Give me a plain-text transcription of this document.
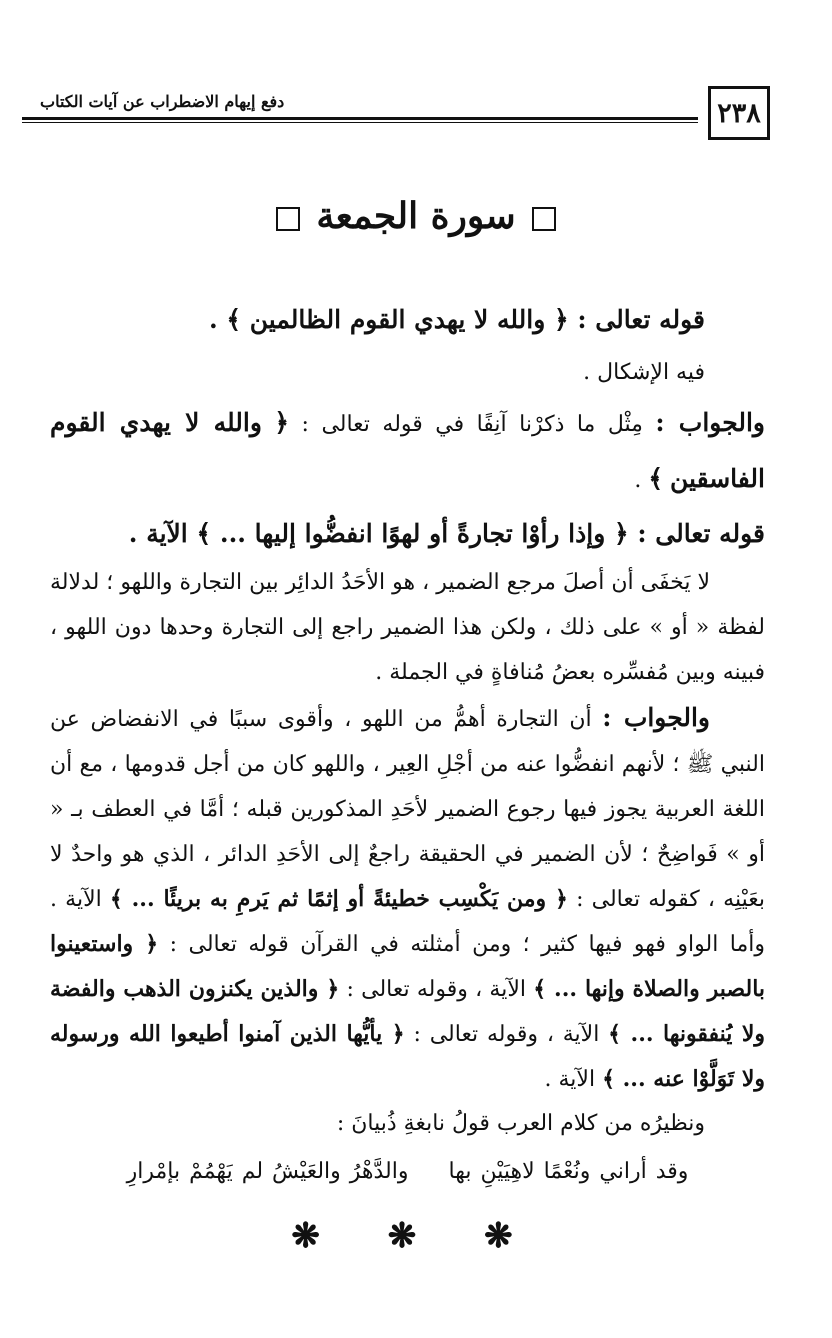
٢٣٨
دفع إيهام الاضطراب عن آيات الكتاب
سورة الجمعة

قوله تعالى : ﴿ والله لا يهدي القوم الظالمين ﴾ .

فيه الإشكال .

والجواب : مِثْل ما ذكرْنا آنِفًا في قوله تعالى : ﴿ والله لا يهدي القوم الفاسقين ﴾ .

قوله تعالى : ﴿ وإذا رأوْا تجارةً أو لهوًا انفضُّوا إليها ... ﴾ الآية .

لا يَخفَى أن أصلَ مرجع الضمير ، هو الأحَدُ الدائِر بين التجارة واللهو ؛ لدلالة لفظة « أو » على ذلك ، ولكن هذا الضمير راجع إلى التجارة وحدها دون اللهو ، فبينه وبين مُفسِّره بعضُ مُنافاةٍ في الجملة .

والجواب : أن التجارة أهمُّ من اللهو ، وأقوى سببًا في الانفضاض عن النبي ﷺ ؛ لأنهم انفضُّوا عنه من أجْلِ العِير ، واللهو كان من أجل قدومها ، مع أن اللغة العربية يجوز فيها رجوع الضمير لأحَدِ المذكورين قبله ؛ أمَّا في العطف بـ « أو » فَواضِحٌ ؛ لأن الضمير في الحقيقة راجعٌ إلى الأحَدِ الدائر ، الذي هو واحدٌ لا بعَيْنِه ، كقوله تعالى : ﴿ ومن يَكْسِب خطيئةً أو إثمًا ثم يَرمِ به بريئًا ... ﴾ الآية . وأما الواو فهو فيها كثير ؛ ومن أمثلته في القرآن قوله تعالى : ﴿ واستعينوا بالصبر والصلاة وإنها ... ﴾ الآية ، وقوله تعالى : ﴿ والذين يكنزون الذهب والفضة ولا يُنفقونها ... ﴾ الآية ، وقوله تعالى : ﴿ يأيُّها الذين آمنوا أطيعوا الله ورسوله ولا تَوَلَّوْا عنه ... ﴾ الآية .

ونظيرُه من كلام العرب قولُ نابغةِ ذُبيانَ :

وقد أراني ونُعْمًا لاهِيَيْنِ بهاوالدَّهْرُ والعَيْشُ لم يَهْمُمْ بإمْرارِ

❋ ❋ ❋
